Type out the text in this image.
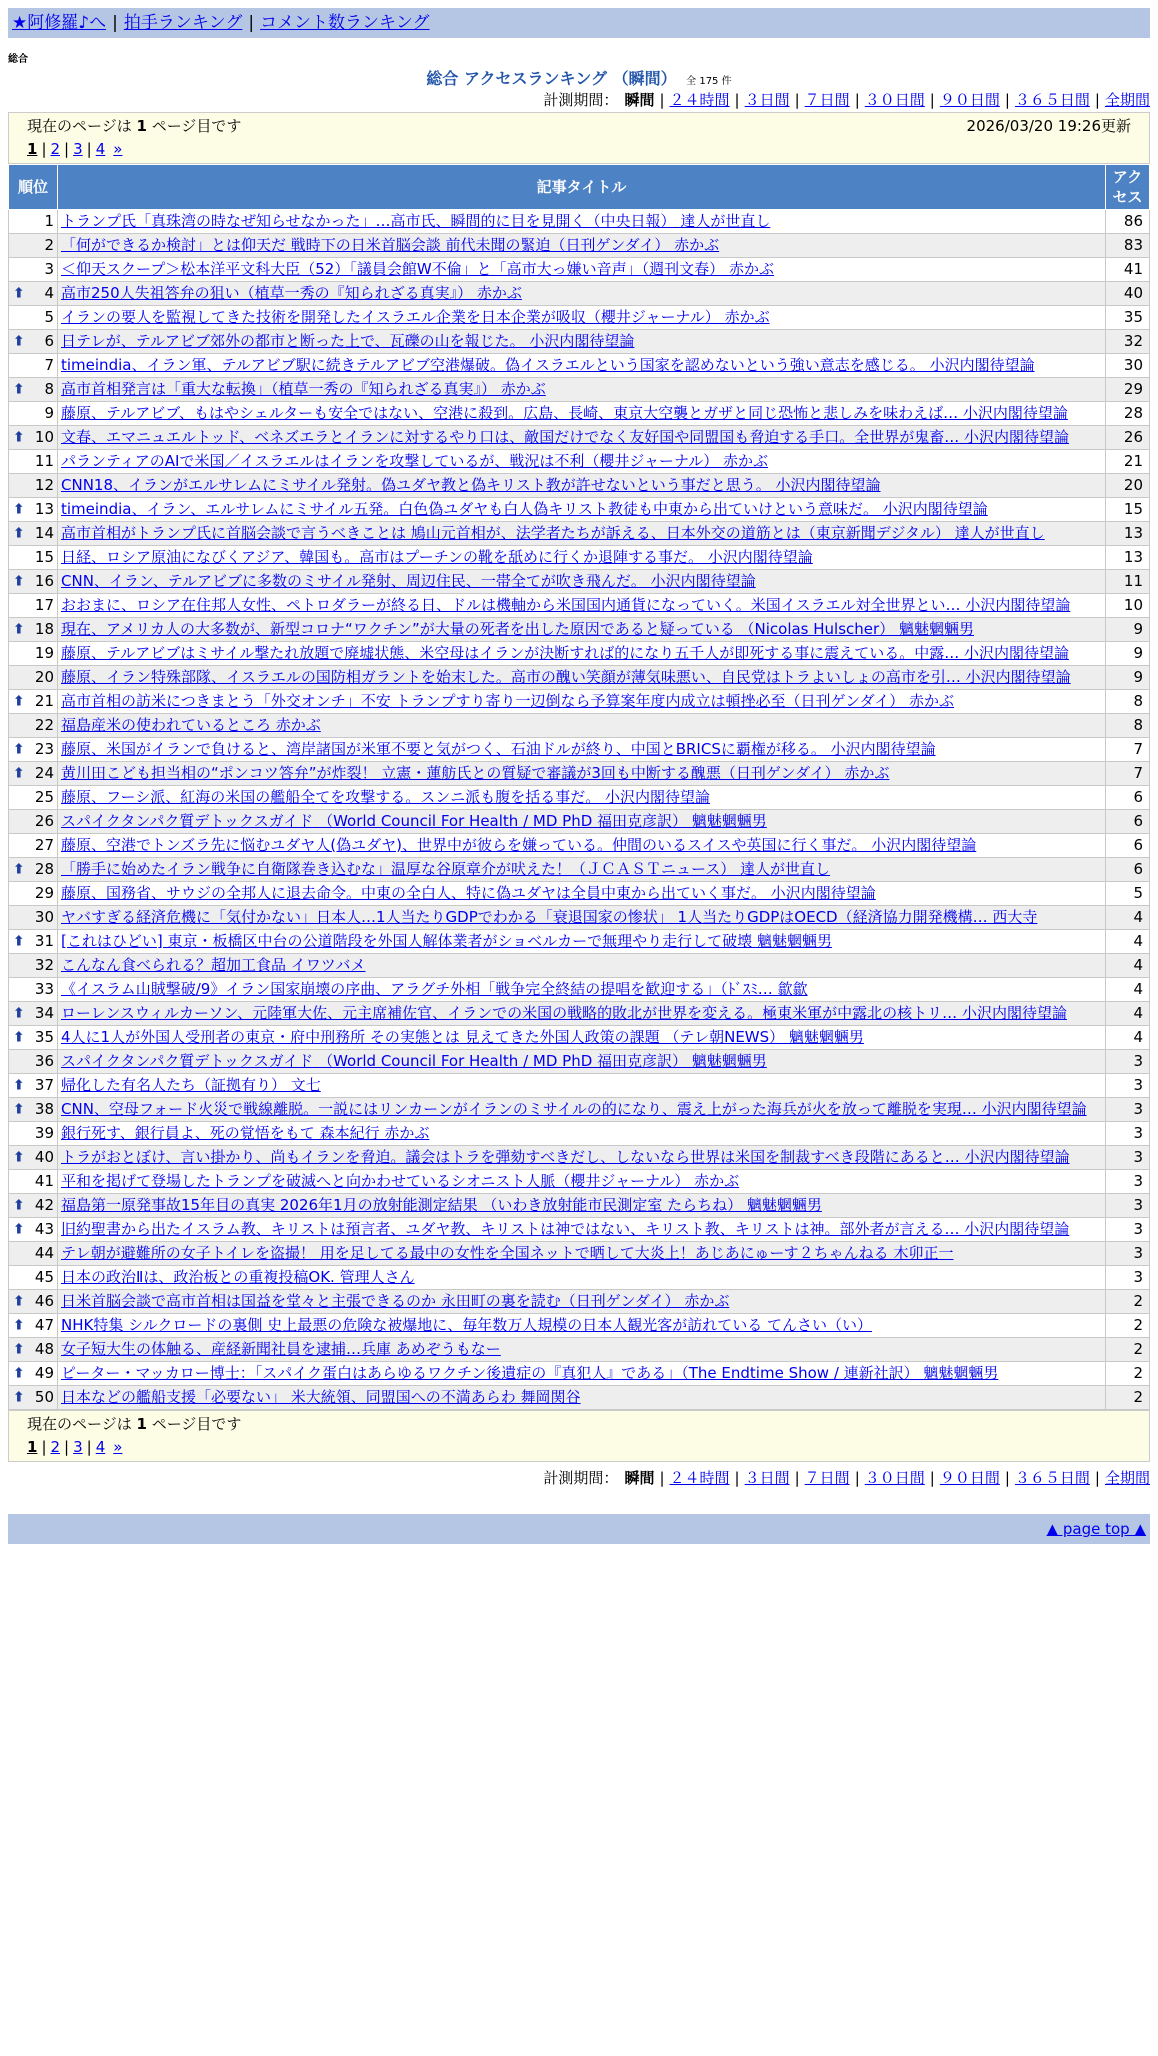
★阿修羅♪へ | 拍手ランキング | コメント数ランキング
総合
総合 アクセスランキング （瞬間） 全 175 件
計測期間： 瞬間 | ２４時間 | ３日間 | ７日間 | ３０日間 | ９０日間 | ３６５日間 | 全期間
現在のページは 1 ページ目です	2026/03/20 19:26更新
1 | 2 | 3 | 4 »
順位	記事タイトル	アクセス
1	トランプ氏「真珠湾の時なぜ知らせなかった」…高市氏、瞬間的に目を見開く（中央日報） 達人が世直し	86
2	「何ができるか検討」とは仰天だ 戦時下の日米首脳会談 前代未聞の緊迫（日刊ゲンダイ） 赤かぶ	83
3	＜仰天スクープ＞松本洋平文科大臣（52）「議員会館W不倫」と「高市大っ嫌い音声」（週刊文春） 赤かぶ	41

⬆ 4	高市250人失祖答弁の狙い（植草一秀の『知られざる真実』） 赤かぶ	40
5	イランの要人を監視してきた技術を開発したイスラエル企業を日本企業が吸収（櫻井ジャーナル） 赤かぶ	35

⬆ 6	日テレが、テルアビブ郊外の都市と断った上で、瓦礫の山を報じた。 小沢内閣待望論	32
7	timeindia、イラン軍、テルアビブ駅に続きテルアビブ空港爆破。偽イスラエルという国家を認めないという強い意志を感じる。 小沢内閣待望論	30

⬆ 8	高市首相発言は「重大な転換」（植草一秀の『知られざる真実』） 赤かぶ	29
9	藤原、テルアビブ、もはやシェルターも安全ではない、空港に殺到。広島、長崎、東京大空襲とガザと同じ恐怖と悲しみを味わえば… 小沢内閣待望論	28

⬆ 10	文春、エマニュエルトッド、ベネズエラとイランに対するやり口は、敵国だけでなく友好国や同盟国も脅迫する手口。全世界が鬼畜… 小沢内閣待望論	26
11	パランティアのAIで米国／イスラエルはイランを攻撃しているが、戦況は不利（櫻井ジャーナル） 赤かぶ	21
12	CNN18、イランがエルサレムにミサイル発射。偽ユダヤ教と偽キリスト教が許せないという事だと思う。 小沢内閣待望論	20

⬆ 13	timeindia、イラン、エルサレムにミサイル五発。白色偽ユダヤも白人偽キリスト教徒も中東から出ていけという意味だ。 小沢内閣待望論	15

⬆ 14	高市首相がトランプ氏に首脳会談で言うべきことは 鳩山元首相が、法学者たちが訴える、日本外交の道筋とは（東京新聞デジタル） 達人が世直し	13
15	日経、ロシア原油になびくアジア、韓国も。高市はプーチンの靴を舐めに行くか退陣する事だ。 小沢内閣待望論	13

⬆ 16	CNN、イラン、テルアビブに多数のミサイル発射、周辺住民、一帯全てが吹き飛んだ。 小沢内閣待望論	11
17	おおまに、ロシア在住邦人女性、ペトロダラーが終る日、ドルは機軸から米国国内通貨になっていく。米国イスラエル対全世界とい… 小沢内閣待望論	10

⬆ 18	現在、アメリカ人の大多数が、新型コロナ“ワクチン”が大量の死者を出した原因であると疑っている （Nicolas Hulscher） 魑魅魍魎男	9
19	藤原、テルアビブはミサイル撃たれ放題で廃墟状態、米空母はイランが決断すれば的になり五千人が即死する事に震えている。中露… 小沢内閣待望論	9
20	藤原、イラン特殊部隊、イスラエルの国防相ガラントを始末した。高市の醜い笑顔が薄気味悪い、自民党はトラよいしょの高市を引… 小沢内閣待望論	9

⬆ 21	高市首相の訪米につきまとう「外交オンチ」不安 トランプすり寄り一辺倒なら予算案年度内成立は頓挫必至（日刊ゲンダイ） 赤かぶ	8
22	福島産米の使われているところ 赤かぶ	8

⬆ 23	藤原、米国がイランで負けると、湾岸諸国が米軍不要と気がつく、石油ドルが終り、中国とBRICSに覇権が移る。 小沢内閣待望論	7

⬆ 24	黄川田こども担当相の“ポンコツ答弁”が炸裂！ 立憲・蓮舫氏との質疑で審議が3回も中断する醜悪（日刊ゲンダイ） 赤かぶ	7
25	藤原、フーシ派、紅海の米国の艦船全てを攻撃する。スンニ派も腹を括る事だ。 小沢内閣待望論	6
26	スパイクタンパク質デトックスガイド （World Council For Health / MD PhD 福田克彦訳） 魑魅魍魎男	6
27	藤原、空港でトンズラ先に悩むユダヤ人(偽ユダヤ)、世界中が彼らを嫌っている。仲間のいるスイスや英国に行く事だ。 小沢内閣待望論	6

⬆ 28	「勝手に始めたイラン戦争に自衛隊巻き込むな」温厚な谷原章介が吠えた！（ＪＣＡＳＴニュース） 達人が世直し	6
29	藤原、国務省、サウジの全邦人に退去命令。中東の全白人、特に偽ユダヤは全員中東から出ていく事だ。 小沢内閣待望論	5
30	ヤバすぎる経済危機に「気付かない」日本人…1人当たりGDPでわかる「衰退国家の惨状」 1人当たりGDPはOECD（経済協力開発機構… 西大寺	4

⬆ 31	[これはひどい] 東京・板橋区中台の公道階段を外国人解体業者がショベルカーで無理やり走行して破壊 魑魅魍魎男	4
32	こんなん食べられる？超加工食品 イワツバメ	4
33	《イスラム山賊撃破/9》イラン国家崩壊の序曲、アラグチ外相「戦争完全終結の提唱を歓迎する」（ﾄﾞｽﾐ… 歙歙	4

⬆ 34	ローレンスウィルカーソン、元陸軍大佐、元主席補佐官、イランでの米国の戦略的敗北が世界を変える。極東米軍が中露北の核トリ… 小沢内閣待望論	4

⬆ 35	4人に1人が外国人受刑者の東京・府中刑務所 その実態とは 見えてきた外国人政策の課題 （テレ朝NEWS） 魑魅魍魎男	4
36	スパイクタンパク質デトックスガイド （World Council For Health / MD PhD 福田克彦訳） 魑魅魍魎男	3

⬆ 37	帰化した有名人たち（証拠有り） 文七	3

⬆ 38	CNN、空母フォード火災で戦線離脱。一説にはリンカーンがイランのミサイルの的になり、震え上がった海兵が火を放って離脱を実現… 小沢内閣待望論	3
39	銀行死す、銀行員よ、死の覚悟をもて 森本紀行 赤かぶ	3

⬆ 40	トラがおとぼけ、言い掛かり、尚もイランを脅迫。議会はトラを弾劾すべきだし、しないなら世界は米国を制裁すべき段階にあると… 小沢内閣待望論	3
41	平和を掲げて登場したトランプを破滅へと向かわせているシオニスト人脈（櫻井ジャーナル） 赤かぶ	3

⬆ 42	福島第一原発事故15年目の真実 2026年1月の放射能測定結果 （いわき放射能市民測定室 たらちね） 魑魅魍魎男	3

⬆ 43	旧約聖書から出たイスラム教、キリストは預言者、ユダヤ教、キリストは神ではない、キリスト教、キリストは神。部外者が言える… 小沢内閣待望論	3
44	テレ朝が避難所の女子トイレを盗撮！ 用を足してる最中の女性を全国ネットで晒して大炎上！あじあにゅーす２ちゃんねる 木卯正一	3
45	日本の政治Ⅱは、政治板との重複投稿OK. 管理人さん	3

⬆ 46	日米首脳会談で高市首相は国益を堂々と主張できるのか 永田町の裏を読む（日刊ゲンダイ） 赤かぶ	2

⬆ 47	NHK特集 シルクロードの裏側 史上最悪の危険な被爆地に、毎年数万人規模の日本人観光客が訪れている てんさい（い）	2

⬆ 48	女子短大生の体触る、産経新聞社員を逮捕…兵庫 あめぞうもなー	2

⬆ 49	ピーター・マッカロー博士：「スパイク蛋白はあらゆるワクチン後遺症の『真犯人』である」（The Endtime Show / 連新社訳） 魑魅魍魎男	2

⬆ 50	日本などの艦船支援「必要ない」 米大統領、同盟国への不満あらわ 舞岡関谷	2
現在のページは 1 ページ目です
1 | 2 | 3 | 4 »
計測期間： 瞬間 | ２４時間 | ３日間 | ７日間 | ３０日間 | ９０日間 | ３６５日間 | 全期間
▲ page top ▲
